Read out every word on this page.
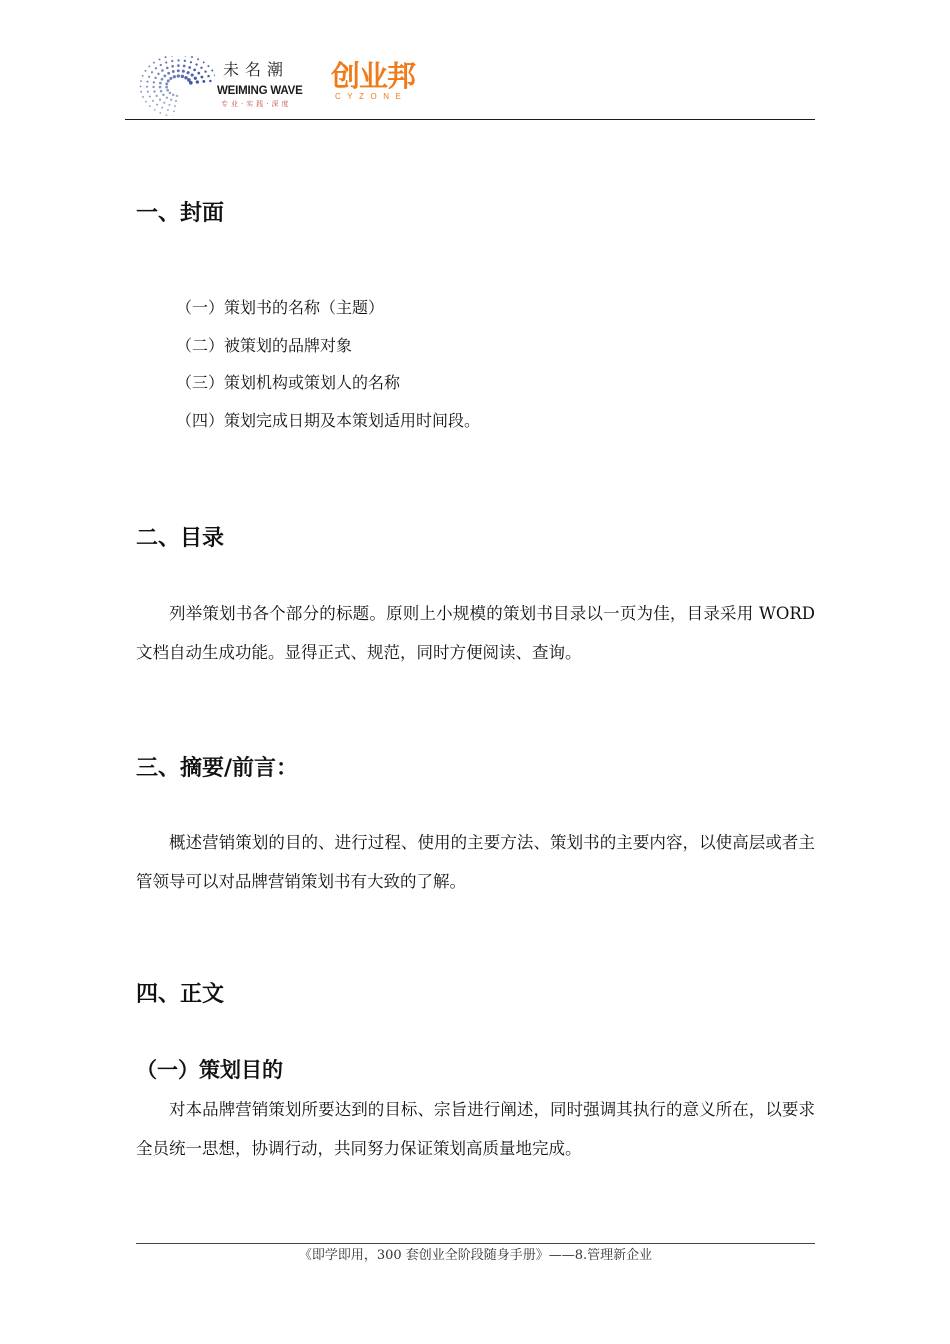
未名潮
WEIMING WAVE
专业·实践·深度
创业邦
CYZONE
一、封面
（一）策划书的名称（主题）
（二）被策划的品牌对象
（三）策划机构或策划人的名称
（四）策划完成日期及本策划适用时间段。
二、目录

列举策划书各个部分的标题。原则上小规模的策划书目录以一页为佳，目录采用 WORD 文档自动生成功能。显得正式、规范，同时方便阅读、查询。

三、摘要/前言：

概述营销策划的目的、进行过程、使用的主要方法、策划书的主要内容，以使高层或者主管领导可以对品牌营销策划书有大致的了解。

四、正文
（一）策划目的

对本品牌营销策划所要达到的目标、宗旨进行阐述，同时强调其执行的意义所在，以要求全员统一思想，协调行动，共同努力保证策划高质量地完成。

《即学即用，300 套创业全阶段随身手册》——8.管理新企业
